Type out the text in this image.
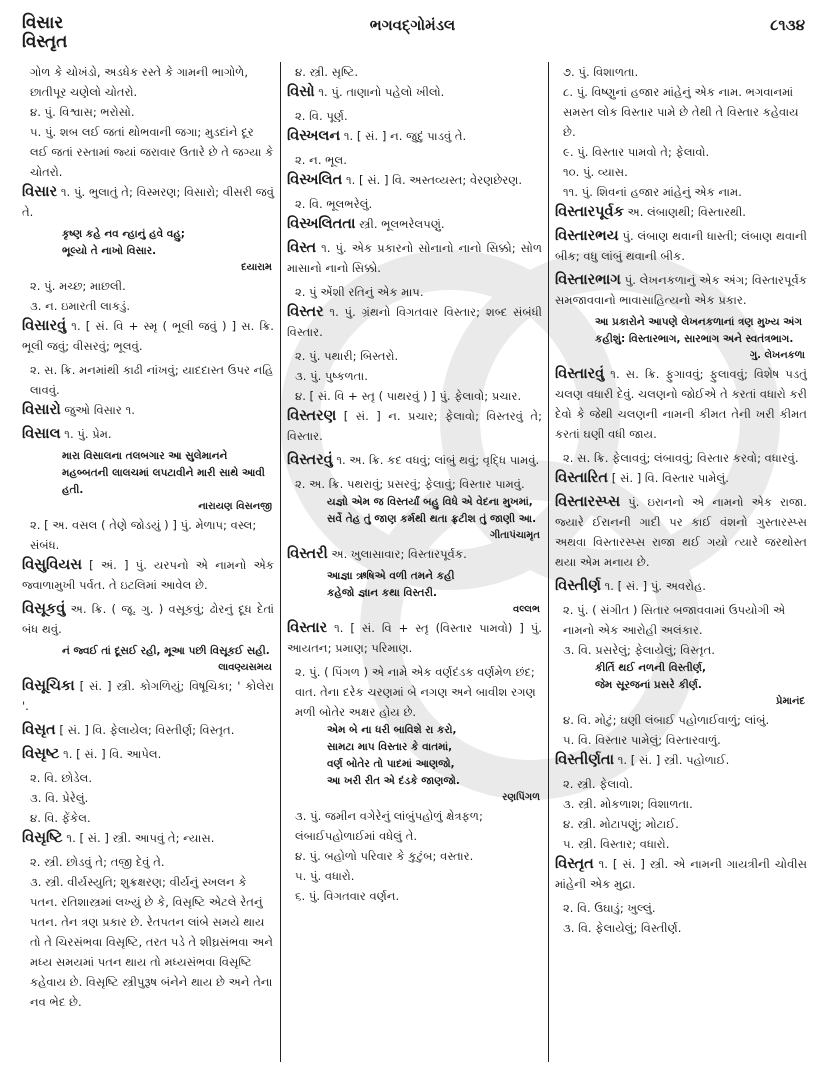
વિસાર
વિસ્તૃત
ભગવદ્ગોમંડલ	૮૧૩૪
ગોળ કે ચોખંડો, અડધેક રસ્તે કે ગામની ભાગોળે, છાતીપૂર ચણેલો ચોતરો.
૪. પું. વિશ્વાસ; ભરોસો.
૫. પું. શબ લઈ જતાં થોભવાની જગા; મુડદાંને દૂર લઈ જતાં રસ્તામાં જ્યાં જરાવાર ઉતારે છે તે જગ્યા કે ચોતરો.
વિસાર ૧. પું. ભુલાતું તે; વિસ્મરણ; વિસારો; વીસરી જવું તે.
કૃષ્ણ કહે નવ ન્હાનું હવે વહુ;
ભૂલ્યો તે નાખો વિસાર.
દયારામ
૨. પું. મચ્છ; માછલી.
૩. ન. ઇમારતી લાકડું.
વિસારવું ૧. [ સં. વિ + સ્મૃ ( ભૂલી જવું ) ] સ. ક્રિ. ભૂલી જવું; વીસરવું; ભૂલવું.
૨. સ. ક્રિ. મનમાંથી કાઢી નાંખવું; યાદદાસ્ત ઉપર નહિ લાવવું.
વિસારો જુઓ વિસાર ૧.
વિસાલ ૧. પું. પ્રેમ.
મારા વિસાલના તલબગાર આ સુલેમાનને મહબ્બતની લાલચમાં લપટાવીને મારી સાથે આવી હતી.
નારાયણ વિસનજી
૨. [ અ. વસલ ( તેણે જોડયું ) ] પું. મેળાપ; વસ્લ; સંબંધ.
વિસુવિયસ [ અં. ] પું. યરપનો એ નામનો એક જ્વાળામુખી પર્વત. તે ઇટલિમાં આવેલ છે.
વિસૂકવું અ. ક્રિ. ( જૂ. ગુ. ) વસૂકવું; ઢોરનું દૂધ દેતાં બંધ થવું.
નં જ્વઈ તાં દૂસઈ રહી, મૂઆ પછી વિસૂકઈ સહી.
લાવણ્યસમય
વિસૂચિકા [ સં. ] સ્ત્રી. કોગળિયું; વિષૂચિકા; ' કોલેરા '.
વિસૃત [ સં. ] વિ. ફેલાયેલ; વિસ્તીર્ણ; વિસ્તૃત.
વિસૃષ્ટ ૧. [ સં. ] વિ. આપેલ.
૨. વિ. છોડેલ.
૩. વિ. પ્રેરેલું.
૪. વિ. ફેંકેલ.
વિસૃષ્ટિ ૧. [ સં. ] સ્ત્રી. આપવું તે; ન્યાસ.
૨. સ્ત્રી. છોડવું તે; તજી દેવું તે.
૩. સ્ત્રી. વીર્યસ્યુતિ; શુક્રક્ષરણ; વીર્યનું સ્ખલન કે પતન. રતિશાસ્ત્રમાં લખ્યું છે કે, વિસૃષ્ટિ એટલે રેતનું પતન. તેન ત્રણ પ્રકાર છે. રેતપતન લાંબે સમયે થાય તો તે ચિરસંભવા વિસૃષ્ટિ, તરત પડે તે શીઘ્રસંભવા અને મધ્ય સમયમાં પતન થાય તો મધ્યસંભવા વિસૃષ્ટિ કહેવાય છે. વિસૃષ્ટિ સ્ત્રીપુરૂષ બંનેને થાય છે અને તેના નવ ભેદ છે.
૪. સ્ત્રી. સૃષ્ટિ.
વિસો ૧. પું. તાણાનો પહેલો ખીલો.
૨. વિ. પૂર્ણ.
વિસ્ખલન ૧. [ સં. ] ન. જુદું પાડવું તે.
૨. ન. ભૂલ.
વિસ્ખલિત ૧. [ સં. ] વિ. અસ્તવ્યસ્ત; વેરણછેરણ.
૨. વિ. ભૂલભરેલું.
વિસ્ખલિતતા સ્ત્રી. ભૂલભરેલપણું.
વિસ્ત ૧. પું. એક પ્રકારનો સોનાનો નાનો સિક્કો; સોળ માસાનો નાનો સિક્કો.
૨. પું એંશી રતિનું એક માપ.
વિસ્તર ૧. પું. ગ્રંથનો વિગતવાર વિસ્તાર; શબ્દ સંબંધી વિસ્તાર.
૨. પું. પથારી; બિસ્તરો.
૩. પું. પુષ્કળતા.
૪. [ સં. વિ + સ્તૃ ( પાથરવું ) ] પું. ફેલાવો; પ્રચાર.
વિસ્તરણ [ સં. ] ન. પ્રચાર; ફેલાવો; વિસ્તરવું તે; વિસ્તાર.
વિસ્તરવું ૧. અ. ક્રિ. કદ વધવું; લાંબું થવું; વૃદ્ધિ પામવું.
૨. અ. ક્રિ. પથરાવું; પ્રસરવું; ફેલાવું; વિસ્તાર પામવું.
યજ્ઞો એમ જ વિસ્તર્યાં બહુ વિધે એ વેદના મુખમાં, સર્વે તેહ તું જાણ કર્મથી થતા ફ્રટીશ તું જાણી આ.
ગીતાપંચામૃત
વિસ્તરી અ. ખુલાસાવાર; વિસ્તારપૂર્વક.
આજ્ઞા ઋષિએ વળી તમને કહી
કહેજો જ્ઞાન કથા વિસ્તરી.
વલ્લભ
વિસ્તાર ૧. [ સં. વિ + સ્તૃ (વિસ્તાર પામવો) ] પું. આયતન; પ્રમાણ; પરિમાણ.
૨. પું. ( પિંગળ ) એ નામે એક વર્ણદંડક વર્ણમેળ છંદ; વાત. તેના દરેક ચરણમાં બે નગણ અને બાવીશ રગણ મળી બોતેર અક્ષર હોય છે.
એમ બે ના ધરી બાવિશે રા કરો,
સામટા માપ વિસ્તાર કે વાતમાં,
વર્ણ બોતેર તો પાદમાં આણજો,
આ ખરી રીત એ દંડકે જાણજો.
રણપિંગળ
૩. પું. જમીન વગેરેનું લાંબુંપહોળું ક્ષેત્રફળ; લંબાઈપહોળાઈમાં વધેલું તે.
૪. પું. બહોળો પરિવાર કે કુટુંબ; વસ્તાર.
૫. પું. વધારો.
૬. પું. વિગતવાર વર્ણન.
૭. પું. વિશાળતા.
૮. પું. વિષ્ણુનાં હજાર માંહેનું એક નામ. ભગવાનમાં સમસ્ત લોક વિસ્તાર પામે છે તેથી તે વિસ્તાર કહેવાય છે.
૯. પું. વિસ્તાર પામવો તે; ફેલાવો.
૧૦. પું. વ્યાસ.
૧૧. પું. શિવનાં હજાર માંહેનું એક નામ.
વિસ્તારપૂર્વક અ. લંબાણથી; વિસ્તારથી.
વિસ્તારભય પું. લંબાણ થવાની ધાસ્તી; લંબાણ થવાની બીક; વધુ લાંબું થવાની બીક.
વિસ્તારભાગ પું. લેખનકળાનું એક અંગ; વિસ્તારપૂર્વક સમજાવવાનો ભાવાસાહિત્યનો એક પ્રકાર.
આ પ્રકારોને આપણે લેખનકળાનાં ત્રણ મુખ્ય અંગ કહીશું: વિસ્તારભાગ, સારભાગ અને સ્વતંત્રભાગ.
ગુ. લેખનકળા
વિસ્તારવું ૧. સ. ક્રિ. ફુગાવવું; ફુલાવવું; વિશેષ પડતું ચલણ વધારી દેવું. ચલણનો જોઈએ તે કરતાં વધારો કરી દેવો કે જેથી ચલણની નામની કીમત તેની ખરી કીમત કરતાં ઘણી વધી જાય.
૨. સ. ક્રિ. ફેલાવવું; લંબાવવું; વિસ્તાર કરવો; વધારવું.
વિસ્તારિત [ સં. ] વિ. વિસ્તાર પામેલું.
વિસ્તારસ્પ્સ પું. ઇરાનનો એ નામનો એક રાજા. જ્યારે ઈરાનની ગાદી પર કાઈ વંશનો ગુસ્તારસ્પ્સ અથવા વિસ્તારસ્પ્સ રાજા થઈ ગયો ત્યારે જરથોસ્ત થયા એમ મનાય છે.
વિસ્તીર્ણ ૧. [ સં. ] પું. અવરોહ.
૨. પું. ( સંગીત ) સિતાર બજાવવામાં ઉપયોગી એ નામનો એક આરોહી અલંકાર.
૩. વિ. પ્રસરેલું; ફેલાયેલું; વિસ્તૃત.
કીર્તિ થઈ નળની વિસ્તીર્ણ,
જેમ સૂરજનાં પ્રસરે કીર્ણ.
પ્રેમાનંદ
૪. વિ. મોટું; ઘણી લંબાઈ પહોળાઈવાળું; લાંબું.
૫. વિ. વિસ્તાર પામેલું; વિસ્તારવાળું.
વિસ્તીર્ણતા ૧. [ સં. ] સ્ત્રી. પહોળાઈ.
૨. સ્ત્રી. ફેલાવો.
૩. સ્ત્રી. મોકળાશ; વિશાળતા.
૪. સ્ત્રી. મોટાપણું; મોટાઈ.
૫. સ્ત્રી. વિસ્તાર; વધારો.
વિસ્તૃત ૧. [ સં. ] સ્ત્રી. એ નામની ગાયત્રીની ચોવીસ માંહેની એક મુદ્રા.
૨. વિ. ઉઘાડું; ખુલ્લું.
૩. વિ. ફેલાયેલું; વિસ્તીર્ણ.
